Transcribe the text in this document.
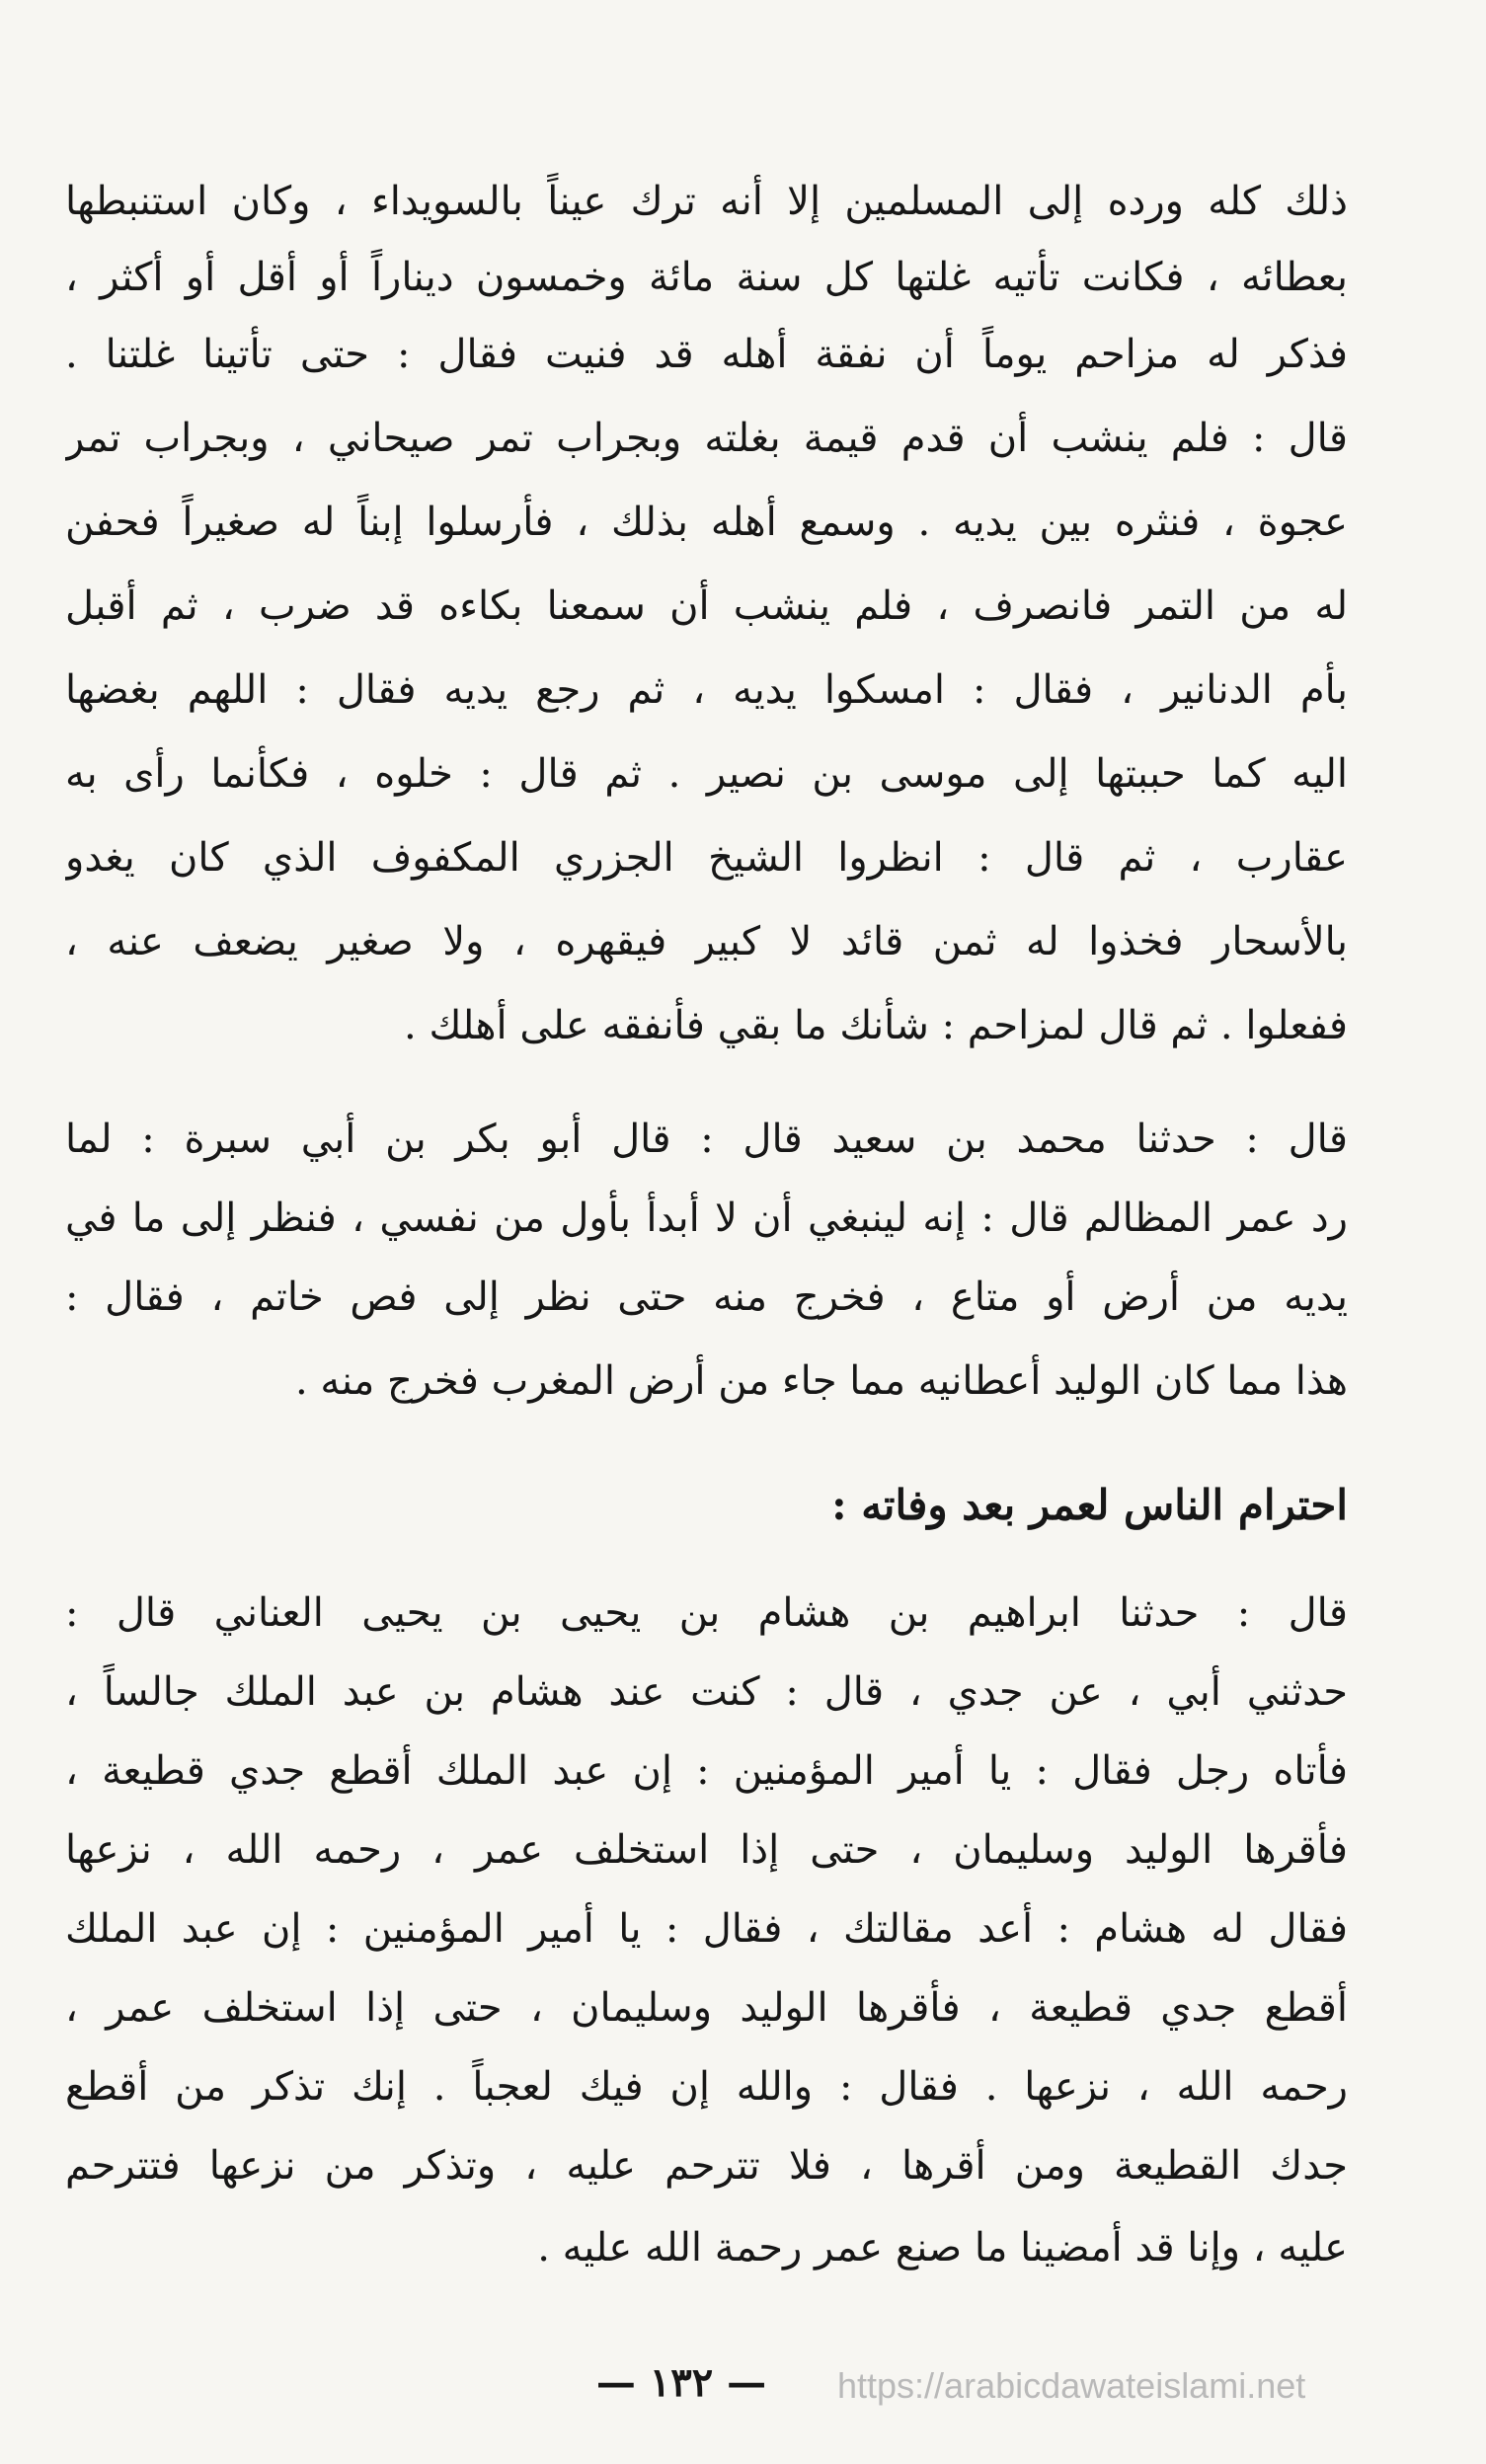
ذلك كله ورده إلى المسلمين إلا أنه ترك عيناً بالسويداء ، وكان استنبطها
بعطائه ، فكانت تأتيه غلتها كل سنة مائة وخمسون ديناراً أو أقل أو أكثر ،
فذكر له مزاحم يوماً أن نفقة أهله قد فنيت فقال : حتى تأتينا غلتنا .
قال : فلم ينشب أن قدم قيمة بغلته وبجراب تمر صيحاني ، وبجراب تمر
عجوة ، فنثره بين يديه . وسمع أهله بذلك ، فأرسلوا إبناً له صغيراً فحفن
له من التمر فانصرف ، فلم ينشب أن سمعنا بكاءه قد ضرب ، ثم أقبل
بأم الدنانير ، فقال : امسكوا يديه ، ثم رجع يديه فقال : اللهم بغضها
اليه كما حببتها إلى موسى بن نصير . ثم قال : خلوه ، فكأنما رأى به
عقارب ، ثم قال : انظروا الشيخ الجزري المكفوف الذي كان يغدو
بالأسحار فخذوا له ثمن قائد لا كبير فيقهره ، ولا صغير يضعف عنه ،
ففعلوا . ثم قال لمزاحم : شأنك ما بقي فأنفقه على أهلك .
قال : حدثنا محمد بن سعيد قال : قال أبو بكر بن أبي سبرة : لما
رد عمر المظالم قال : إنه لينبغي أن لا أبدأ بأول من نفسي ، فنظر إلى ما في
يديه من أرض أو متاع ، فخرج منه حتى نظر إلى فص خاتم ، فقال :
هذا مما كان الوليد أعطانيه مما جاء من أرض المغرب فخرج منه .
احترام الناس لعمر بعد وفاته :
قال : حدثنا ابراهيم بن هشام بن يحيى بن يحيى العناني قال :
حدثني أبي ، عن جدي ، قال : كنت عند هشام بن عبد الملك جالساً ،
فأتاه رجل فقال : يا أمير المؤمنين : إن عبد الملك أقطع جدي قطيعة ،
فأقرها الوليد وسليمان ، حتى إذا استخلف عمر ، رحمه الله ، نزعها
فقال له هشام : أعد مقالتك ، فقال : يا أمير المؤمنين : إن عبد الملك
أقطع جدي قطيعة ، فأقرها الوليد وسليمان ، حتى إذا استخلف عمر ،
رحمه الله ، نزعها . فقال : والله إن فيك لعجباً . إنك تذكر من أقطع
جدك القطيعة ومن أقرها ، فلا تترحم عليه ، وتذكر من نزعها فتترحم
عليه ، وإنا قد أمضينا ما صنع عمر رحمة الله عليه .
— ١٣٢ —	https://arabicdawateislami.net
